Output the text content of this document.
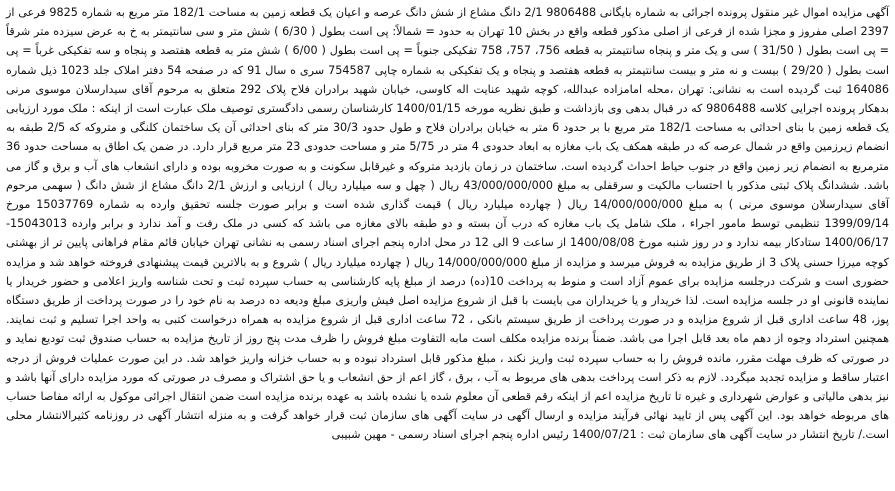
آگهی مزایده اموال غیر منقول پرونده اجرائی به شماره بایگانی 9806488 2/1 دانگ مشاع از شش دانگ عرصه و اعیان یک قطعه زمین به مساحت 182/1 متر مربع به شماره 9825 فرعی از 2397 اصلی مفروز و مجزا شده از فرعی از اصلی مذکور قطعه واقع در بخش 10 تهران به حدود = شمالاً: پی است بطول ( 6/30 ) شش متر و سی سانتیمتر به خ به عرض سیزده متر شرقاً = پی است بطول ( 31/50 ) سی و یک متر و پنجاه سانتیمتر به قطعه 756، 757، 758 تفکیکی جنوباً = پی است بطول ( 6/00 ) شش متر به قطعه هفتصد و پنجاه و سه تفکیکی غرباً = پی است بطول ( 29/20 ) بیست و نه متر و بیست سانتیمتر به قطعه هفتصد و پنجاه و یک تفکیکی به شماره چاپی 754587 سری ه سال 91 که در صفحه 54 دفتر املاک جلد 1023 ذیل شماره 164086 ثبت گردیده است به نشانی: تهران ،محله امامزاده عبدالله، کوچه شهید عنایت اله کاوسی، خیابان شهید برادران فلاح پلاک 292 متعلق به مرحوم آقای سیدارسلان موسوی مرنی بدهکار پرونده اجرایی کلاسه 9806488 که در قبال بدهی وی بازداشت و طبق نظریه مورخه 1400/01/15 کارشناسان رسمی دادگستری توصیف ملک عبارت است از اینکه : ملک مورد ارزیابی یک قطعه زمین با بنای احداثی به مساحت 182/1 متر مربع با بر حدود 6 متر به خیابان برادران فلاح و طول حدود 30/3 متر که بنای احداثی آن یک ساختمان کلنگی و متروکه که 2/5 طبقه به انضمام زیرزمین واقع در شمال عرصه که در طبقه همکف یک باب مغازه به ابعاد حدودی 4 متر در 5/75 متر و مساحت حدودی 23 متر مربع قرار دارد. در ضمن یک اطاق به مساحت حدود 36 مترمربع به انضمام زیر زمین واقع در جنوب حیاط احداث گردیده است. ساختمان در زمان بازدید متروکه و غیرقابل سکونت و به صورت مخروبه بوده و دارای انشعاب های آب و برق و گاز می باشد. ششدانگ پلاک ثبتی مذکور با احتساب مالکیت و سرقفلی به مبلغ 43/000/000/000 ریال ( چهل و سه میلیارد ریال ) ارزیابی و ارزش 2/1 دانگ مشاع از شش دانگ ( سهمی مرحوم آقای سیدارسلان موسوی مرنی ) به مبلغ 14/000/000/000 ریال ( چهارده میلیارد ریال ) قیمت گذاری شده است و برابر صورت جلسه تحقیق وارده به شماره 15037769 مورخ 1399/09/14 تنظیمی توسط مامور اجراء ، ملک شامل یک باب مغازه که درب آن بسته و دو طبقه بالای مغازه می باشد که کسی در ملک رفت و آمد ندارد و برابر وارده 15043013-1400/06/17 ستادکار بیمه ندارد و در روز شنبه مورخ 1400/08/08 از ساعت 9 الی 12 در محل اداره پنجم اجرای اسناد رسمی به نشانی تهران خیابان قائم مقام فراهانی پایین تر از بهشتی کوچه میرزا حسنی پلاک 3 از طریق مزایده به فروش میرسد و مزایده از مبلغ 14/000/000/000 ریال ( چهارده میلیارد ریال ) شروع و به بالاترین قیمت پیشنهادی فروخته خواهد شد و مزایده حضوری است و شرکت درجلسه مزایده برای عموم آزاد است و منوط به پرداخت 10(ده) درصد از مبلغ پایه کارشناسی به حساب سپرده ثبت و تحت شناسه واریز اعلامی و حضور خریدار یا نماینده قانونی او در جلسه مزایده است. لذا خریدار و یا خریداران می بایست با قبل از شروع مزایده اصل فیش واریزی مبلغ ودیعه ده درصد به نام خود را در صورت پرداخت از طریق دستگاه پوز، 48 ساعت اداری قبل از شروع مزایده و در صورت پرداخت از طریق سیستم بانکی ، 72 ساعت اداری قبل از شروع مزایده به همراه درخواست کتبی به واحد اجرا تسلیم و ثبت نمایند. همچنین استرداد وجوه از دهم ماه بعد قابل اجرا می باشد. ضمناً برنده مزایده مکلف است مابه التفاوت مبلغ فروش را ظرف مدت پنج روز از تاریخ مزایده به حساب صندوق ثبت تودیع نماید و در صورتی که ظرف مهلت مقرر، مانده فروش را به حساب سپرده ثبت واریز نکند ، مبلغ مذکور قابل استرداد نبوده و به حساب خزانه واریز خواهد شد. در این صورت عملیات فروش از درجه اعتبار ساقط و مزایده تجدید میگردد. لازم به ذکر است پرداخت بدهی های مربوط به آب ، برق ، گاز اعم از حق انشعاب و یا حق اشتراک و مصرف در صورتی که مورد مزایده دارای آنها باشد و نیز بدهی مالیاتی و عوارض شهرداری و غیره تا تاریخ مزایده اعم از اینکه رقم قطعی آن معلوم شده یا نشده باشد به عهده برنده مزایده است ضمن انتقال اجرائی موکول به ارائه مفاصا حساب های مربوطه خواهد بود. این آگهی پس از تایید نهائی فرآیند مزایده و ارسال آگهی در سایت آگهی های سازمان ثبت قرار خواهد گرفت و به منزله انتشار آگهی در روزنامه کثیرالانتشار محلی است./ تاریخ انتشار در سایت آگهی های سازمان ثبت : 1400/07/21 رئیس اداره پنجم اجرای اسناد رسمی - مهین شبیبی
